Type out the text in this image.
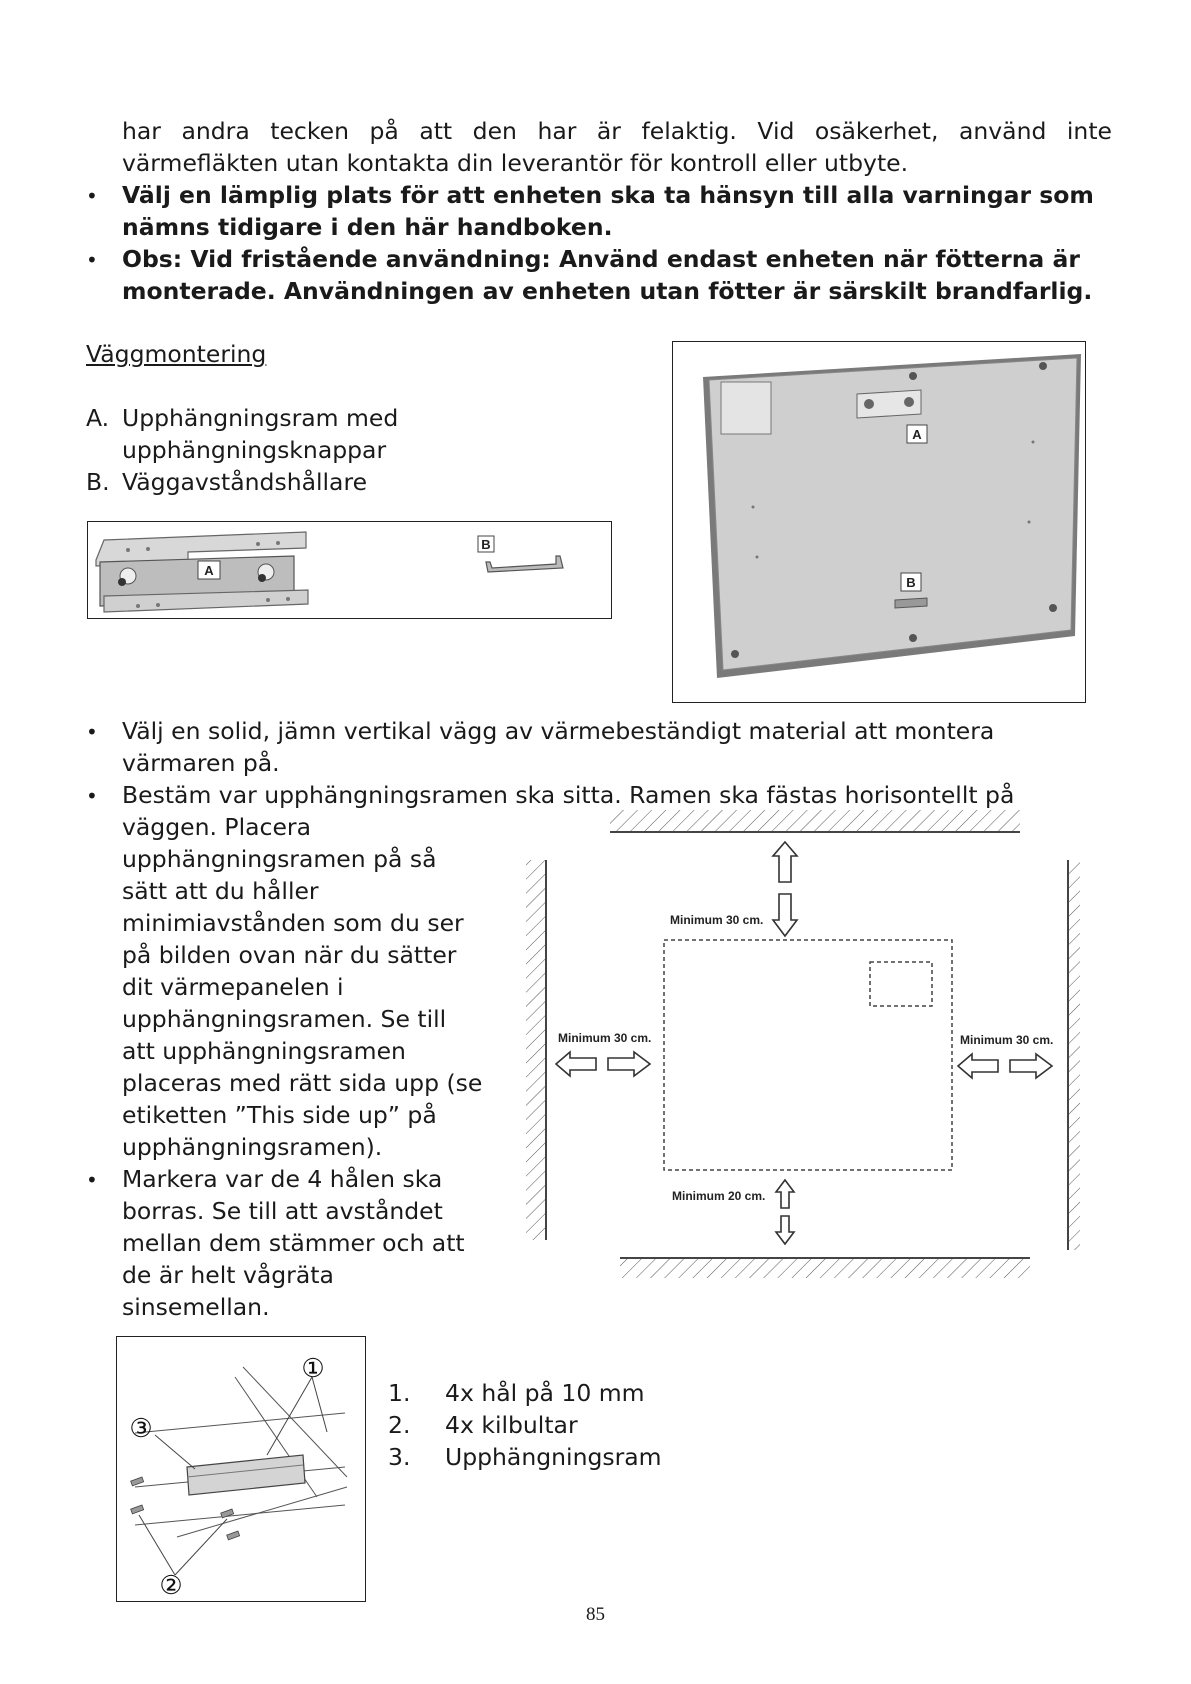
har andra tecken på att den har är felaktig. Vid osäkerhet, använd inte
värmefläkten utan kontakta din leverantör för kontroll eller utbyte.
• Välj en lämplig plats för att enheten ska ta hänsyn till alla varningar som
nämns tidigare i den här handboken.
• Obs: Vid fristående användning: Använd endast enheten när fötterna är
monterade. Användningen av enheten utan fötter är särskilt brandfarlig.
Väggmontering
A. Upphängningsram med
upphängningsknappar
B. Väggavståndshållare
A
B
A
B
• Välj en solid, jämn vertikal vägg av värmebeständigt material att montera
värmaren på.
• Bestäm var upphängningsramen ska sitta. Ramen ska fästas horisontellt på
väggen. Placera
upphängningsramen på så
sätt att du håller
minimiavstånden som du ser
på bilden ovan när du sätter
dit värmepanelen i
upphängningsramen. Se till
att upphängningsramen
placeras med rätt sida upp (se
etiketten ”This side up” på
upphängningsramen).
• Markera var de 4 hålen ska
borras. Se till att avståndet
mellan dem stämmer och att
de är helt vågräta
sinsemellan.
Minimum 30 cm.
Minimum 30 cm.	Minimum 30 cm.
Minimum 20 cm.
①
③
②
1. 4x hål på 10 mm
2. 4x kilbultar
3. Upphängningsram
85
